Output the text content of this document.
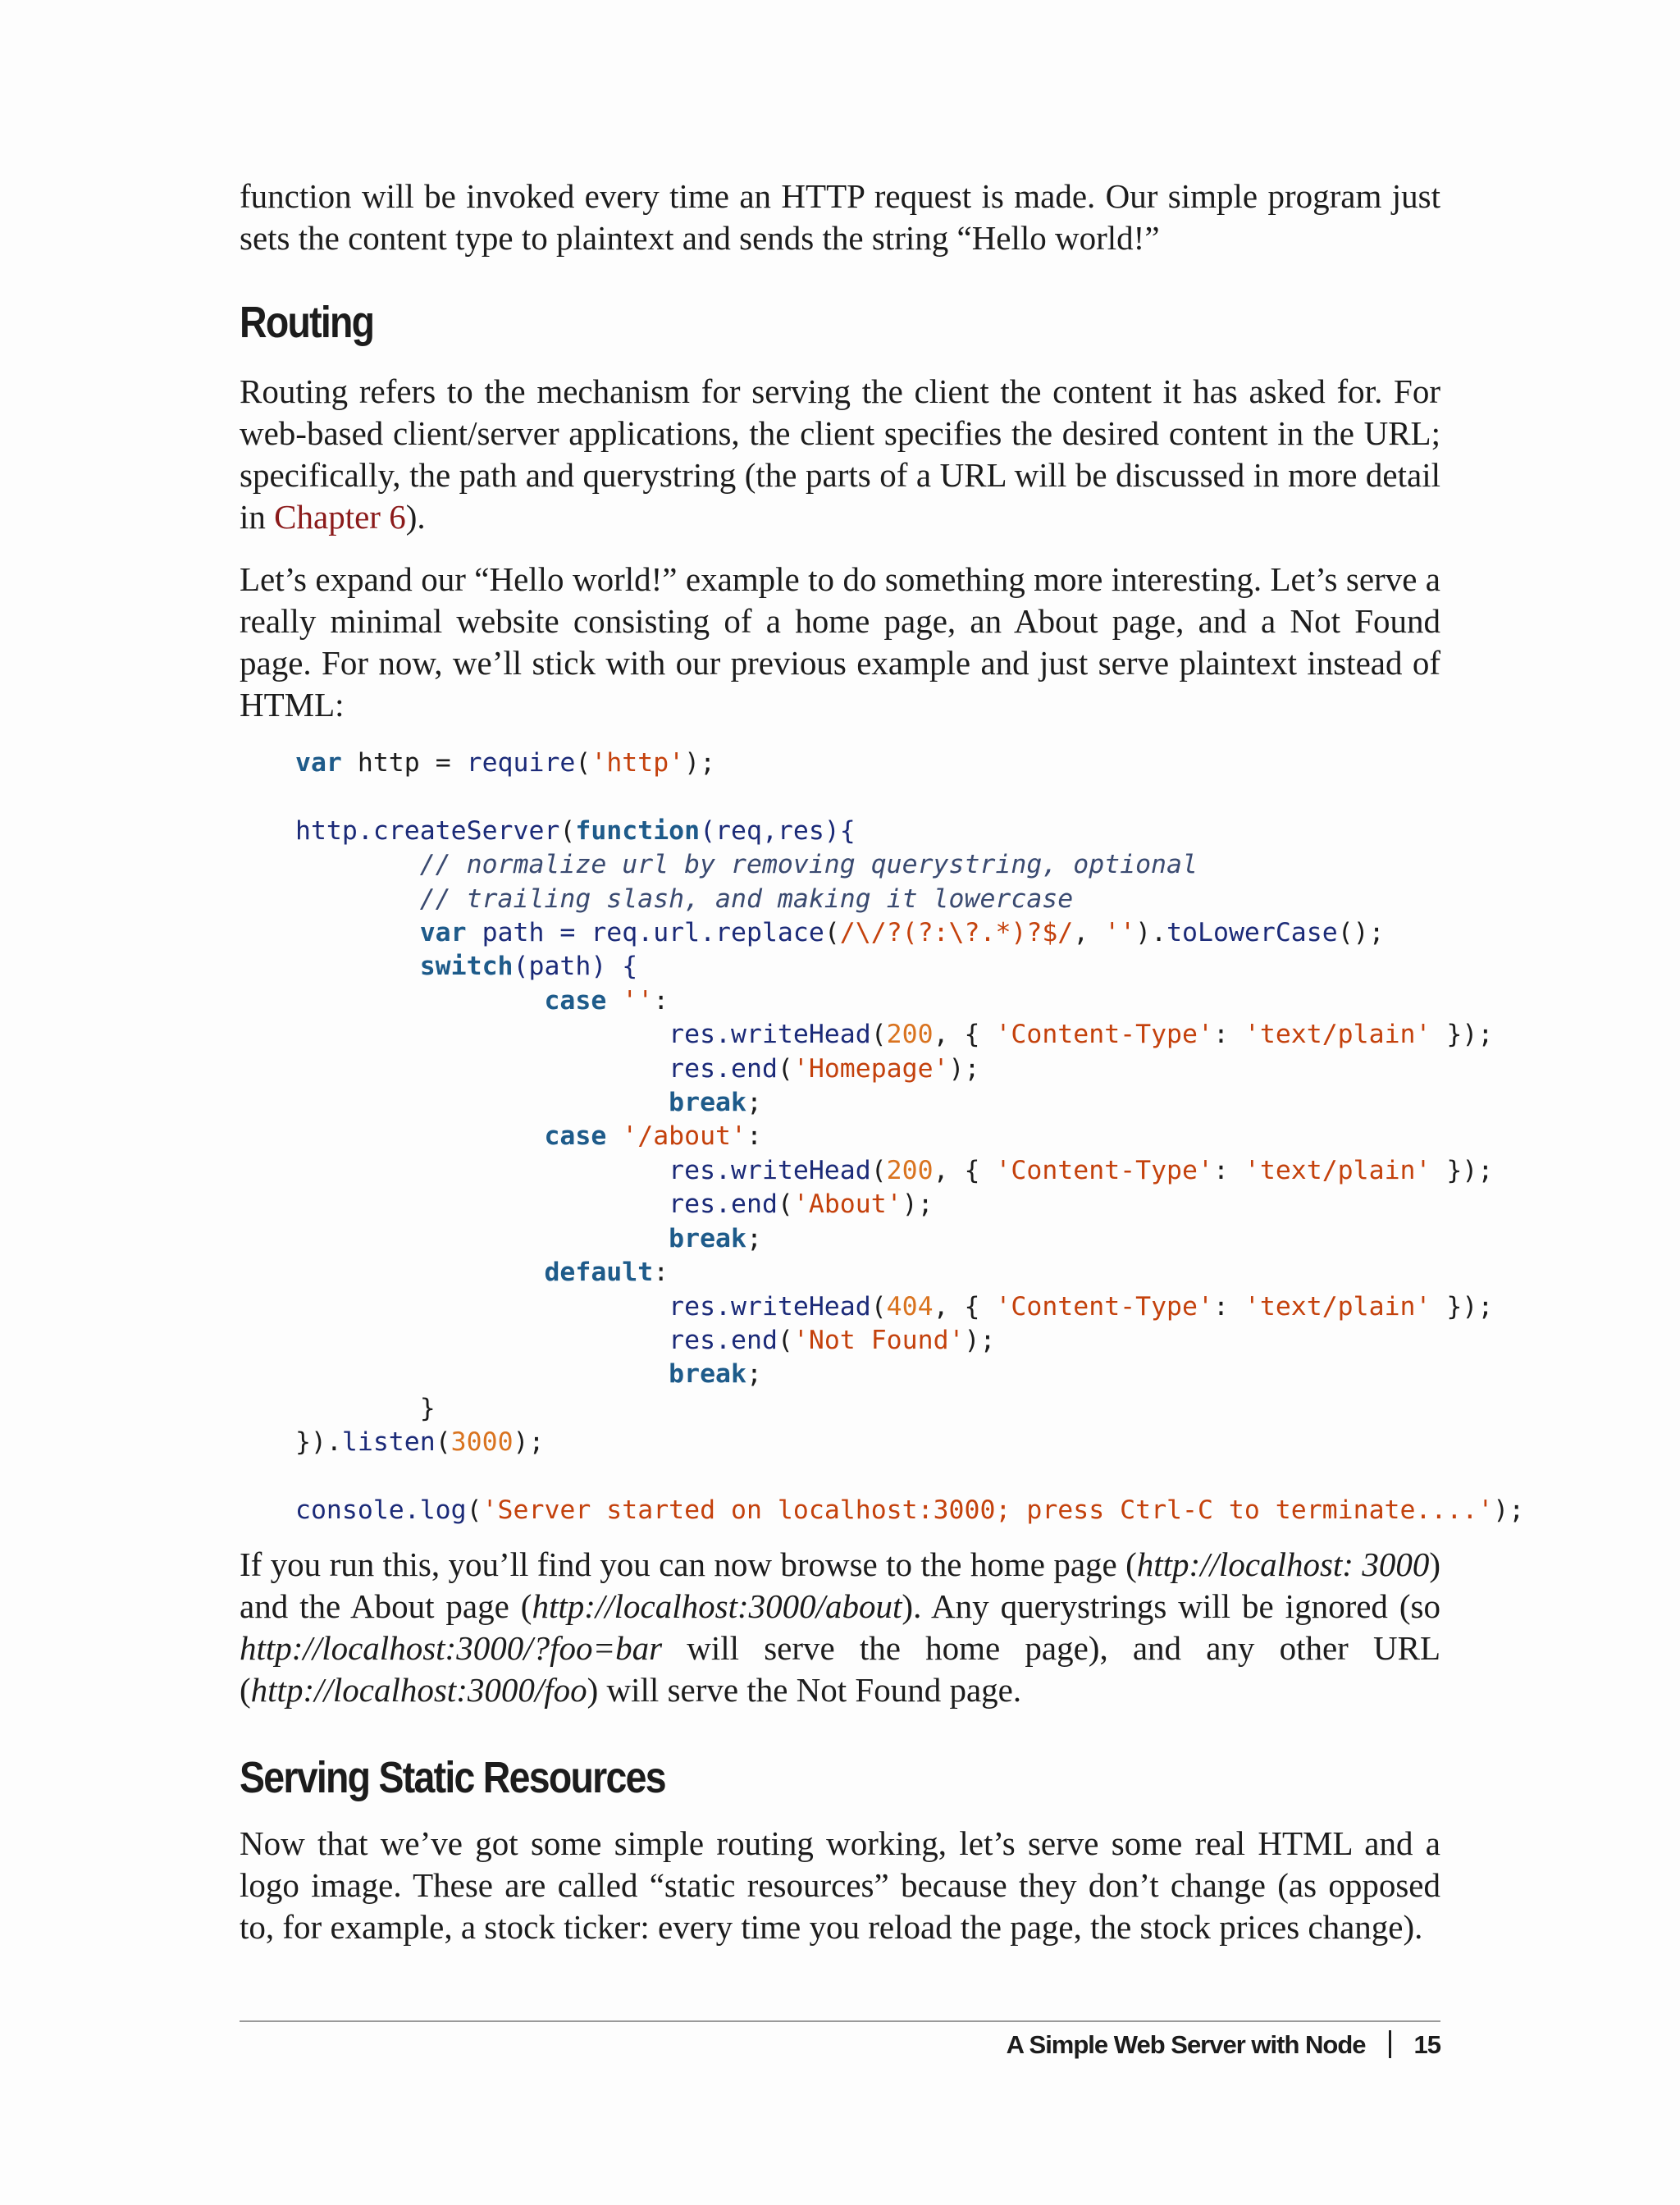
function will be invoked every time an HTTP request is made. Our simple program just sets the content type to plaintext and sends the string “Hello world!”

Routing

Routing refers to the mechanism for serving the client the content it has asked for. For web-based client/server applications, the client specifies the desired content in the URL; specifically, the path and querystring (the parts of a URL will be discussed in more detail in Chapter 6).

Let’s expand our “Hello world!” example to do something more interesting. Let’s serve a really minimal website consisting of a home page, an About page, and a Not Found page. For now, we’ll stick with our previous example and just serve plaintext instead of HTML:

var http = require('http');

http.createServer(function(req,res){
// normalize url by removing querystring, optional
// trailing slash, and making it lowercase
var path = req.url.replace(/\/?(?:\?.*)?$/, '').toLowerCase();
switch(path) {
case '':
res.writeHead(200, { 'Content-Type': 'text/plain' });
res.end('Homepage');
break;
case '/about':
res.writeHead(200, { 'Content-Type': 'text/plain' });
res.end('About');
break;
default:
res.writeHead(404, { 'Content-Type': 'text/plain' });
res.end('Not Found');
break;
}
}).listen(3000);

console.log('Server started on localhost:3000; press Ctrl-C to terminate....');

If you run this, you’ll find you can now browse to the home page (http://localhost: 3000) and the About page (http://localhost:3000/about). Any querystrings will be ignored (so http://localhost:3000/?foo=bar will serve the home page), and any other URL (http://localhost:3000/foo) will serve the Not Found page.

Serving Static Resources

Now that we’ve got some simple routing working, let’s serve some real HTML and a logo image. These are called “static resources” because they don’t change (as opposed to, for example, a stock ticker: every time you reload the page, the stock prices change).

A Simple Web Server with Node 15
